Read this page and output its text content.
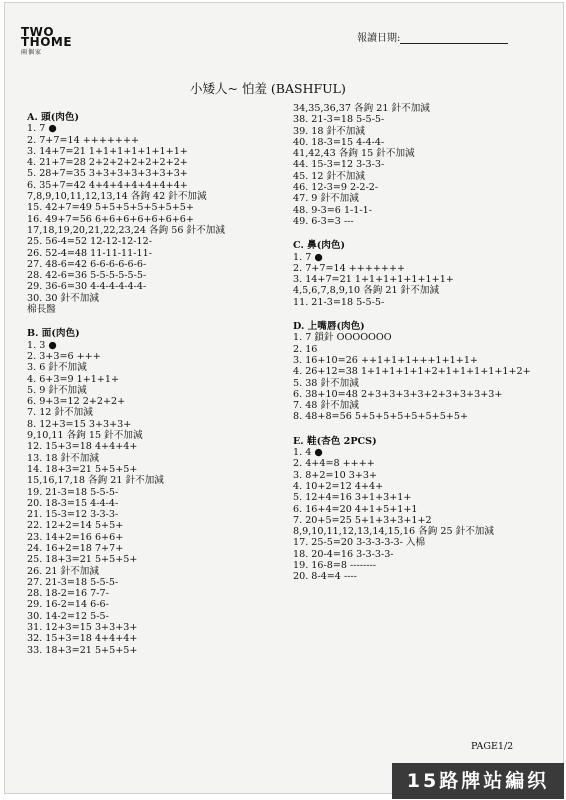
TWO
THOME
兩個家
報讀日期:
小矮人~ 怕羞 (BASHFUL)
A. 頭(肉色)
1. 7 ●
2. 7+7=14 +++++++
3. 14+7=21 1+1+1+1+1+1+1+
4. 21+7=28 2+2+2+2+2+2+2+
5. 28+7=35 3+3+3+3+3+3+3+
6. 35+7=42 4+4+4+4+4+4+4+
7,8,9,10,11,12,13,14 各鉤 42 針不加減
15. 42+7=49 5+5+5+5+5+5+5+
16. 49+7=56 6+6+6+6+6+6+6+
17,18,19,20,21,22,23,24 各鉤 56 針不加減
25. 56-4=52 12-12-12-12-
26. 52-4=48 11-11-11-11-
27. 48-6=42 6-6-6-6-6-6-
28. 42-6=36 5-5-5-5-5-5-
29. 36-6=30 4-4-4-4-4-4-
30. 30 針不加減
棉長醫
B. 面(肉色)
1. 3 ●
2. 3+3=6 +++
3. 6 針不加減
4. 6+3=9 1+1+1+
5. 9 針不加減
6. 9+3=12 2+2+2+
7. 12 針不加減
8. 12+3=15 3+3+3+
9,10,11 各鉤 15 針不加減
12. 15+3=18 4+4+4+
13. 18 針不加減
14. 18+3=21 5+5+5+
15,16,17,18 各鉤 21 針不加減
19. 21-3=18 5-5-5-
20. 18-3=15 4-4-4-
21. 15-3=12 3-3-3-
22. 12+2=14 5+5+
23. 14+2=16 6+6+
24. 16+2=18 7+7+
25. 18+3=21 5+5+5+
26. 21 針不加減
27. 21-3=18 5-5-5-
28. 18-2=16 7-7-
29. 16-2=14 6-6-
30. 14-2=12 5-5-
31. 12+3=15 3+3+3+
32. 15+3=18 4+4+4+
33. 18+3=21 5+5+5+
34,35,36,37 各鉤 21 針不加減
38. 21-3=18 5-5-5-
39. 18 針不加減
40. 18-3=15 4-4-4-
41,42,43 各鉤 15 針不加減
44. 15-3=12 3-3-3-
45. 12 針不加減
46. 12-3=9 2-2-2-
47. 9 針不加減
48. 9-3=6 1-1-1-
49. 6-3=3 ---
C. 鼻(肉色)
1. 7 ●
2. 7+7=14 +++++++
3. 14+7=21 1+1+1+1+1+1+1+
4,5,6,7,8,9,10 各鉤 21 針不加減
11. 21-3=18 5-5-5-
D. 上嘴唇(肉色)
1. 7 鎖針 OOOOOOO
2. 16
3. 16+10=26 ++1+1+1+++1+1+1+
4. 26+12=38 1+1+1+1+1+2+1+1+1+1+1+2+
5. 38 針不加減
6. 38+10=48 2+3+3+3+3+2+3+3+3+3+
7. 48 針不加減
8. 48+8=56 5+5+5+5+5+5+5+5+
E. 鞋(杏色 2PCS)
1. 4 ●
2. 4+4=8 ++++
3. 8+2=10 3+3+
4. 10+2=12 4+4+
5. 12+4=16 3+1+3+1+
6. 16+4=20 4+1+5+1+1
7. 20+5=25 5+1+3+3+1+2
8,9,10,11,12,13,14,15,16 各鉤 25 針不加減
17. 25-5=20 3-3-3-3-3- 入棉
18. 20-4=16 3-3-3-3-
19. 16-8=8 --------
20. 8-4=4 ----
PAGE1/2
15路牌站編织
